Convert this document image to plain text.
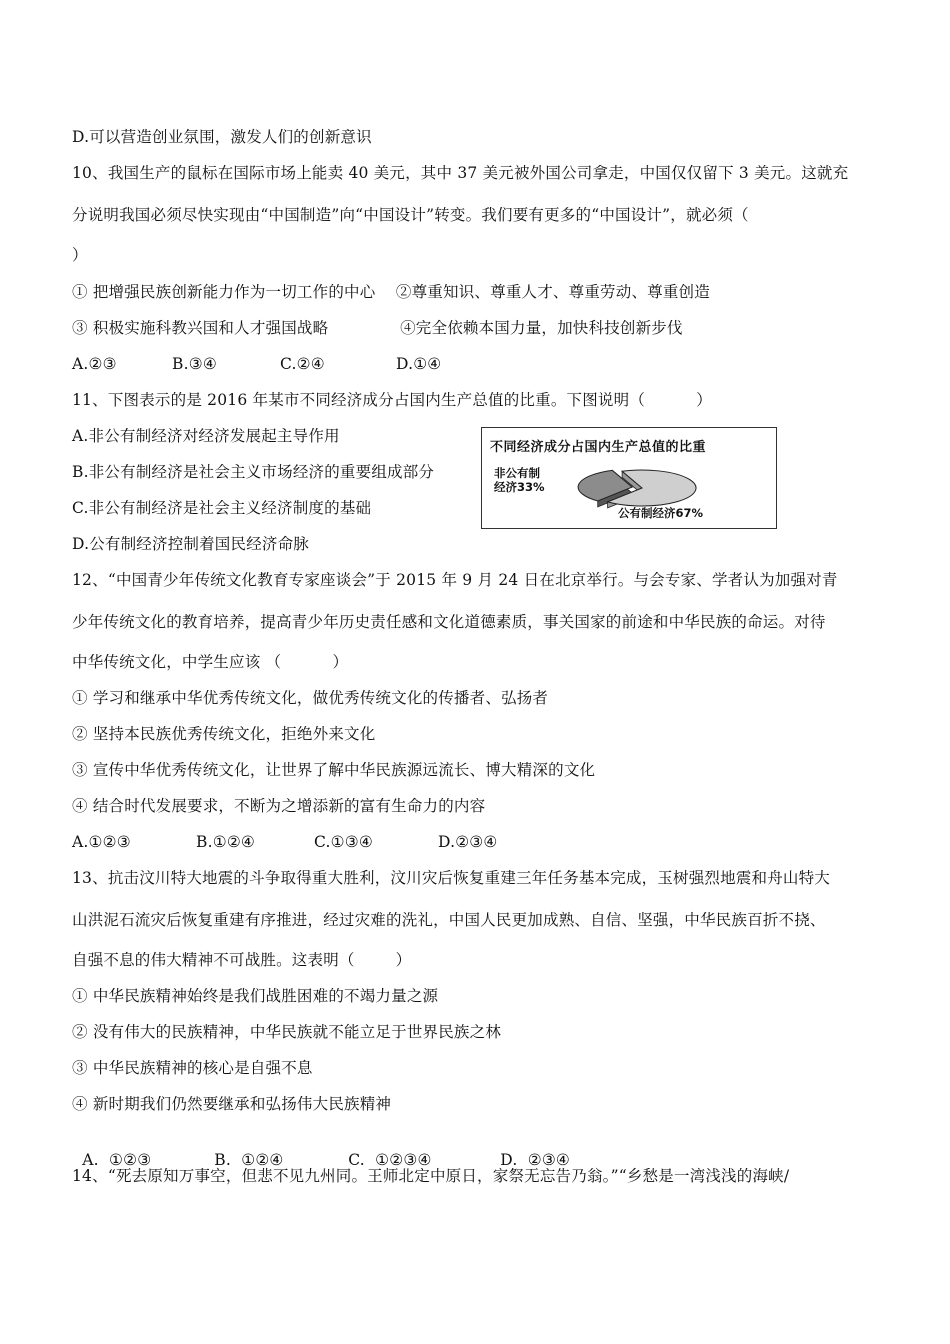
D.可以营造创业氛围，激发人们的创新意识
10、我国生产的鼠标在国际市场上能卖 40 美元，其中 37 美元被外国公司拿走，中国仅仅留下 3 美元。这就充
分说明我国必须尽快实现由“中国制造”向“中国设计”转变。我们要有更多的“中国设计”，就必须（
）
① 把增强民族创新能力作为一切工作的中心    ②尊重知识、尊重人才、尊重劳动、尊重创造
③ 积极实施科教兴国和人才强国战略              ④完全依赖本国力量，加快科技创新步伐
A.②③	B.③④	C.②④	D.①④
11、下图表示的是 2016 年某市不同经济成分占国内生产总值的比重。下图说明（          ）
A.非公有制经济对经济发展起主导作用
B.非公有制经济是社会主义市场经济的重要组成部分
C.非公有制经济是社会主义经济制度的基础
D.公有制经济控制着国民经济命脉
不同经济成分占国内生产总值的比重
非公有制
经济33%
公有制经济67%
12、“中国青少年传统文化教育专家座谈会”于 2015 年 9 月 24 日在北京举行。与会专家、学者认为加强对青
少年传统文化的教育培养，提高青少年历史责任感和文化道德素质，事关国家的前途和中华民族的命运。对待
中华传统文化，中学生应该 （          ）
① 学习和继承中华优秀传统文化，做优秀传统文化的传播者、弘扬者
② 坚持本民族优秀传统文化，拒绝外来文化
③ 宣传中华优秀传统文化，让世界了解中华民族源远流长、博大精深的文化
④ 结合时代发展要求，不断为之增添新的富有生命力的内容
A.①②③	B.①②④	C.①③④	D.②③④
13、抗击汶川特大地震的斗争取得重大胜利，汶川灾后恢复重建三年任务基本完成，玉树强烈地震和舟山特大
山洪泥石流灾后恢复重建有序推进，经过灾难的洗礼，中国人民更加成熟、自信、坚强，中华民族百折不挠、
自强不息的伟大精神不可战胜。这表明（        ）
① 中华民族精神始终是我们战胜困难的不竭力量之源
② 没有伟大的民族精神，中华民族就不能立足于世界民族之林
③ 中华民族精神的核心是自强不息
④ 新时期我们仍然要继承和弘扬伟大民族精神

A.  ①②③	B.  ①②④	C.  ①②③④	D.  ②③④

14、“死去原知万事空，但悲不见九州同。王师北定中原日，家祭无忘告乃翁。”“乡愁是一湾浅浅的海峡/
